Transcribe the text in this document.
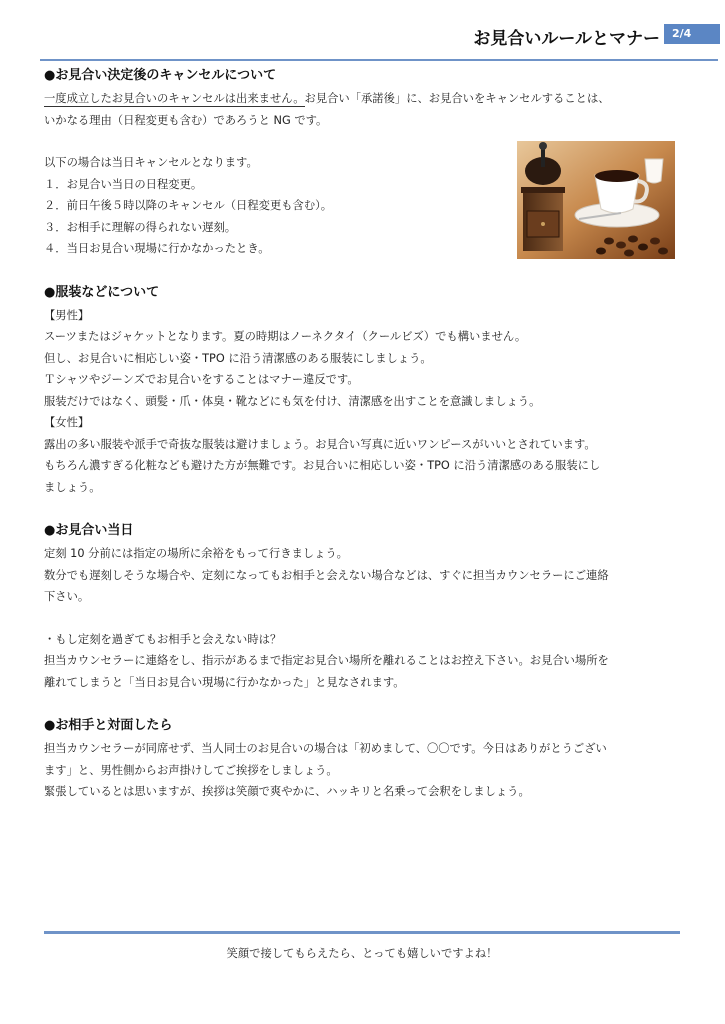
お見合いルールとマナー	2/4
●お見合い決定後のキャンセルについて
一度成立したお見合いのキャンセルは出来ません。お見合い「承諾後」に、お見合いをキャンセルすることは、
いかなる理由（日程変更も含む）であろうと NG です。
以下の場合は当日キャンセルとなります。
１．お見合い当日の日程変更。
２．前日午後５時以降のキャンセル（日程変更も含む）。
３．お相手に理解の得られない遅刻。
４．当日お見合い現場に行かなかったとき。
●服装などについて
【男性】
スーツまたはジャケットとなります。夏の時期はノーネクタイ（クールビズ）でも構いません。
但し、お見合いに相応しい姿・TPO に沿う清潔感のある服装にしましょう。
Ｔシャツやジーンズでお見合いをすることはマナー違反です。
服装だけではなく、頭髪・爪・体臭・靴などにも気を付け、清潔感を出すことを意識しましょう。
【女性】
露出の多い服装や派手で奇抜な服装は避けましょう。お見合い写真に近いワンピースがいいとされています。
もちろん濃すぎる化粧なども避けた方が無難です。お見合いに相応しい姿・TPO に沿う清潔感のある服装にし
ましょう。
●お見合い当日
定刻 10 分前には指定の場所に余裕をもって行きましょう。
数分でも遅刻しそうな場合や、定刻になってもお相手と会えない場合などは、すぐに担当カウンセラーにご連絡
下さい。
・もし定刻を過ぎてもお相手と会えない時は？
担当カウンセラーに連絡をし、指示があるまで指定お見合い場所を離れることはお控え下さい。お見合い場所を
離れてしまうと「当日お見合い現場に行かなかった」と見なされます。
●お相手と対面したら
担当カウンセラーが同席せず、当人同士のお見合いの場合は「初めまして、〇〇です。今日はありがとうござい
ます」と、男性側からお声掛けしてご挨拶をしましょう。
緊張しているとは思いますが、挨拶は笑顔で爽やかに、ハッキリと名乗って会釈をしましょう。
笑顔で接してもらえたら、とっても嬉しいですよね！
